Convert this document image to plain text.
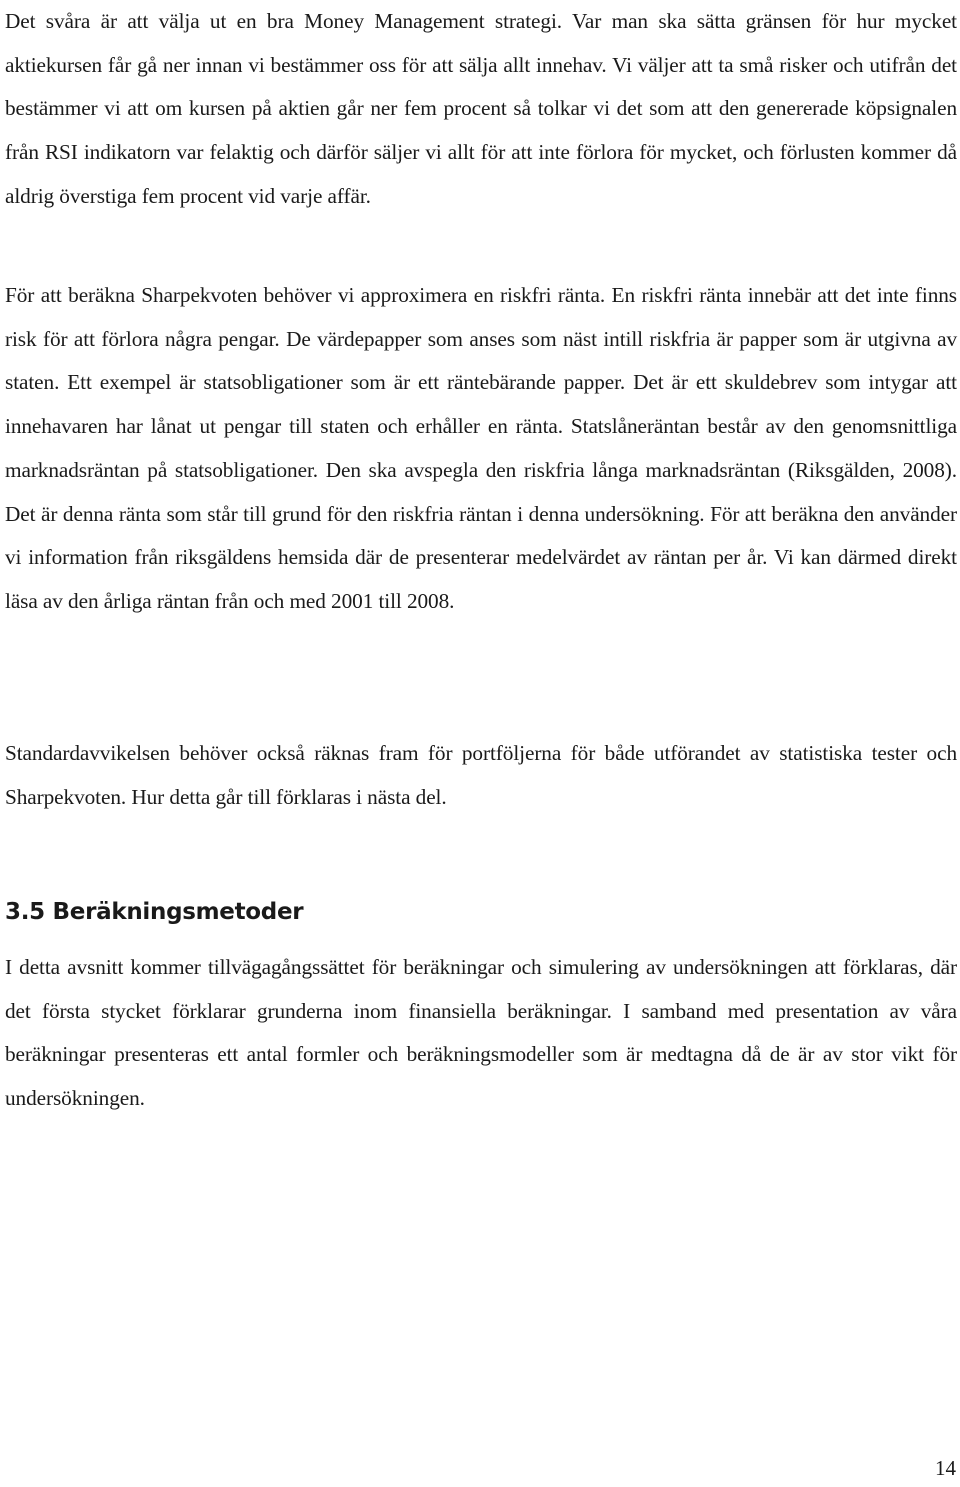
Det svåra är att välja ut en bra Money Management strategi. Var man ska sätta gränsen för hur mycket aktiekursen får gå ner innan vi bestämmer oss för att sälja allt innehav. Vi väljer att ta små risker och utifrån det bestämmer vi att om kursen på aktien går ner fem procent så tolkar vi det som att den genererade köpsignalen från RSI indikatorn var felaktig och därför säljer vi allt för att inte förlora för mycket, och förlusten kommer då aldrig överstiga fem procent vid varje affär.

För att beräkna Sharpekvoten behöver vi approximera en riskfri ränta. En riskfri ränta innebär att det inte finns risk för att förlora några pengar. De värdepapper som anses som näst intill riskfria är papper som är utgivna av staten. Ett exempel är statsobligationer som är ett räntebärande papper. Det är ett skuldebrev som intygar att innehavaren har lånat ut pengar till staten och erhåller en ränta. Statslåneräntan består av den genomsnittliga marknadsräntan på statsobligationer. Den ska avspegla den riskfria långa marknadsräntan (Riksgälden, 2008). Det är denna ränta som står till grund för den riskfria räntan i denna undersökning. För att beräkna den använder vi information från riksgäldens hemsida där de presenterar medelvärdet av räntan per år. Vi kan därmed direkt läsa av den årliga räntan från och med 2001 till 2008.

Standardavvikelsen behöver också räknas fram för portföljerna för både utförandet av statistiska tester och Sharpekvoten. Hur detta går till förklaras i nästa del.

3.5 Beräkningsmetoder

I detta avsnitt kommer tillvägagångssättet för beräkningar och simulering av undersökningen att förklaras, där det första stycket förklarar grunderna inom finansiella beräkningar. I samband med presentation av våra beräkningar presenteras ett antal formler och beräkningsmodeller som är medtagna då de är av stor vikt för undersökningen.

14
